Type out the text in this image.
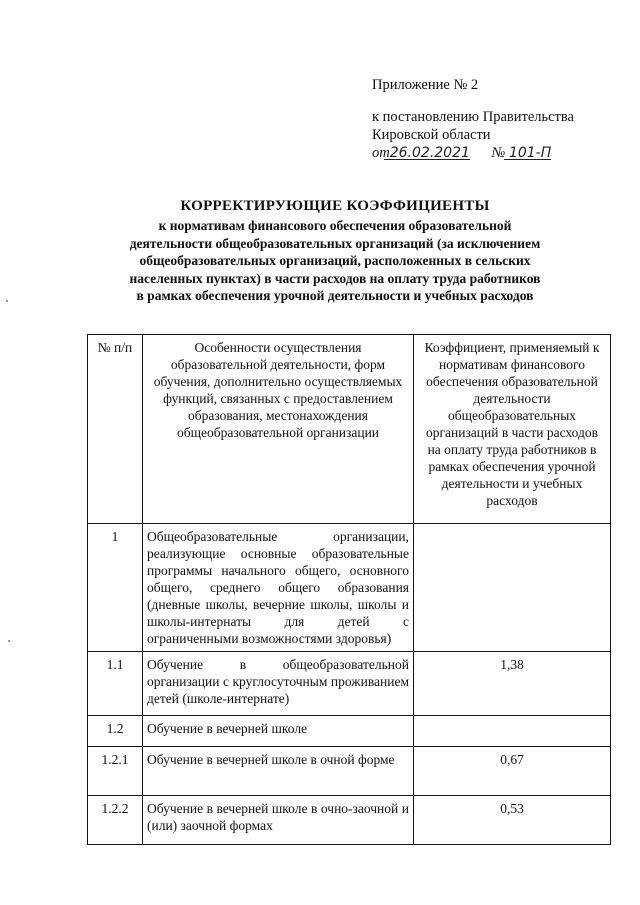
Приложение № 2
к постановлению Правительства
Кировской области
от26.02.2021 № 101-П
КОРРЕКТИРУЮЩИЕ КОЭФФИЦИЕНТЫ
к нормативам финансового обеспечения образовательной
деятельности общеобразовательных организаций (за исключением
общеобразовательных организаций, расположенных в сельских
населенных пунктах) в части расходов на оплату труда работников
в рамках обеспечения урочной деятельности и учебных расходов
№ п/п	Особенности осуществления образовательной деятельности, форм обучения, дополнительно осуществляемых функций, связанных с предоставлением образования, местонахождения общеобразовательной организации	Коэффициент, применяемый к нормативам финансового обеспечения образовательной деятельности общеобразовательных организаций в части расходов на оплату труда работников в рамках обеспечения урочной деятельности и учебных расходов
1	Общеобразовательные организации, реализующие основные образовательные программы начального общего, основного общего, среднего общего образования (дневные школы, вечерние школы, школы и школы-интернаты для детей с ограниченными возможностями здоровья)	
1.1	Обучение в общеобразовательной организации с круглосуточным проживанием детей (школе-интернате)	1,38
1.2	Обучение в вечерней школе	
1.2.1	Обучение в вечерней школе в очной форме	0,67
1.2.2	Обучение в вечерней школе в очно-заочной и (или) заочной формах	0,53
